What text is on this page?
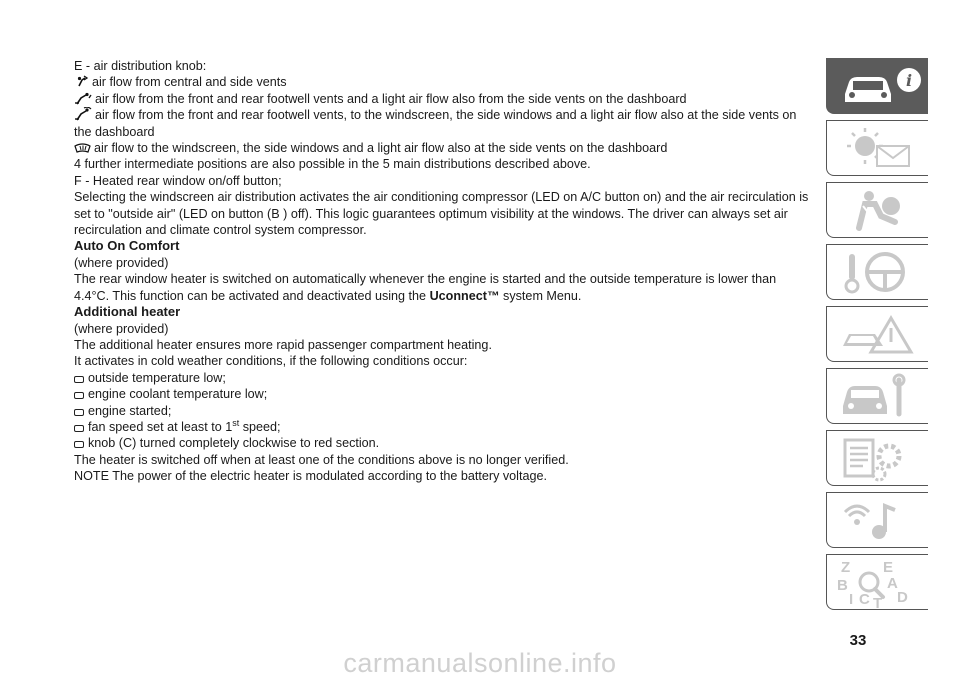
E - air distribution knob:

air flow from central and side vents

air flow from the front and rear footwell vents and a light air flow also from the side vents on the dashboard

air flow from the front and rear footwell vents, to the windscreen, the side windows and a light air flow also at the side vents on the dashboard

air flow to the windscreen, the side windows and a light air flow also at the side vents on the dashboard

4 further intermediate positions are also possible in the 5 main distributions described above.

F - Heated rear window on/off button;

Selecting the windscreen air distribution activates the air conditioning compressor (LED on A/C button on) and the air recirculation is set to "outside air" (LED on button (B ) off). This logic guarantees optimum visibility at the windows. The driver can always set air recirculation and climate control system compressor.

Auto On Comfort

(where provided)

The rear window heater is switched on automatically whenever the engine is started and the outside temperature is lower than 4.4°C. This function can be activated and deactivated using the Uconnect™ system Menu.

Additional heater

(where provided)

The additional heater ensures more rapid passenger compartment heating.

It activates in cold weather conditions, if the following conditions occur:

outside temperature low;

engine coolant temperature low;

engine started;

fan speed set at least to 1st speed;

knob (C) turned completely clockwise to red section.

The heater is switched off when at least one of the conditions above is no longer verified.

NOTE The power of the electric heater is modulated according to the battery voltage.

i
Z E
A
B
D
C T
I
33
carmanualsonline.info
